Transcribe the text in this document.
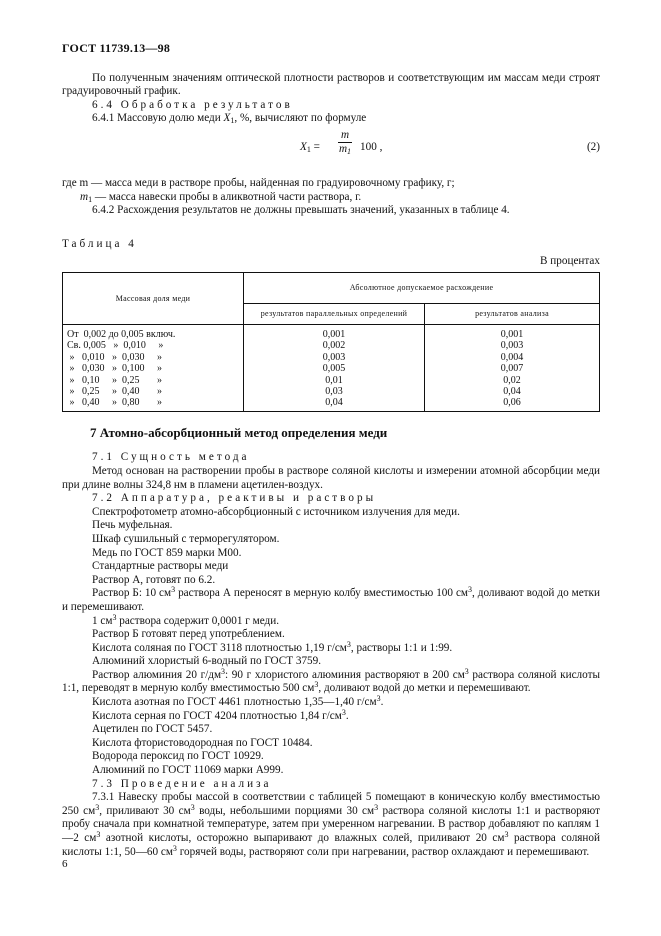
ГОСТ 11739.13—98

По полученным значениям оптической плотности растворов и соответствующим им массам меди строят градуировочный график.

6.4 Обработка результатов

6.4.1 Массовую долю меди $X_1$, %, вычисляют по формуле

$X_1 = \frac{m}{m_1} 100$ ,	(2)

где m — масса меди в растворе пробы, найденная по градуировочному графику, г;

$m_1$ — масса навески пробы в аликвотной части раствора, г.

6.4.2 Расхождения результатов не должны превышать значений, указанных в таблице 4.

Таблица 4

В процентах
Массовая доля меди	Абсолютное допускаемое расхождение	
	результатов параллельных определений	результатов анализа
От  0,002 до 0,005 включ.	0,001	0,001
Св. 0,005   »  0,010     »	0,002	0,003
»   0,010   »  0,030     »	0,003	0,004
»   0,030   »  0,100     »	0,005	0,007
»   0,10     »  0,25       »	0,01	0,02
»   0,25     »  0,40       »	0,03	0,04
»   0,40     »  0,80       »	0,04	0,06
7 Атомно-абсорбционный метод определения меди

7.1 Сущность метода

Метод основан на растворении пробы в растворе соляной кислоты и измерении атомной абсорбции меди при длине волны 324,8 нм в пламени ацетилен-воздух.

7.2 Аппаратура, реактивы и растворы

Спектрофотометр атомно-абсорбционный с источником излучения для меди.

Печь муфельная.

Шкаф сушильный с терморегулятором.

Медь по ГОСТ 859 марки М00.

Стандартные растворы меди

Раствор А, готовят по 6.2.

Раствор Б: 10 $см^3$ раствора А переносят в мерную колбу вместимостью 100 $см^3$, доливают водой до метки и перемешивают.

1 $см^3$ раствора содержит 0,0001 г меди.

Раствор Б готовят перед употреблением.

Кислота соляная по ГОСТ 3118 плотностью 1,19 $г/см^3$, растворы 1:1 и 1:99.

Алюминий хлористый 6-водный по ГОСТ 3759.

Раствор алюминия 20 $г/дм^3$: 90 г хлористого алюминия растворяют в 200 $см^3$ раствора соляной кислоты 1:1, переводят в мерную колбу вместимостью 500 $см^3$, доливают водой до метки и перемешивают.

Кислота азотная по ГОСТ 4461 плотностью 1,35—1,40 $г/см^3$.

Кислота серная по ГОСТ 4204 плотностью 1,84 $г/см^3$.

Ацетилен по ГОСТ 5457.

Кислота фтористоводородная по ГОСТ 10484.

Водорода пероксид по ГОСТ 10929.

Алюминий по ГОСТ 11069 марки А999.

7.3 Проведение анализа

7.3.1 Навеску пробы массой в соответствии с таблицей 5 помещают в коническую колбу вместимостью 250 $см^3$, приливают 30 $см^3$ воды, небольшими порциями 30 $см^3$ раствора соляной кислоты 1:1 и растворяют пробу сначала при комнатной температуре, затем при умеренном нагревании. В раствор добавляют по каплям 1—2 $см^3$ азотной кислоты, осторожно выпаривают до влажных солей, приливают 20 $см^3$ раствора соляной кислоты 1:1, 50—60 $см^3$ горячей воды, растворяют соли при нагревании, раствор охлаждают и перемешивают.

6
